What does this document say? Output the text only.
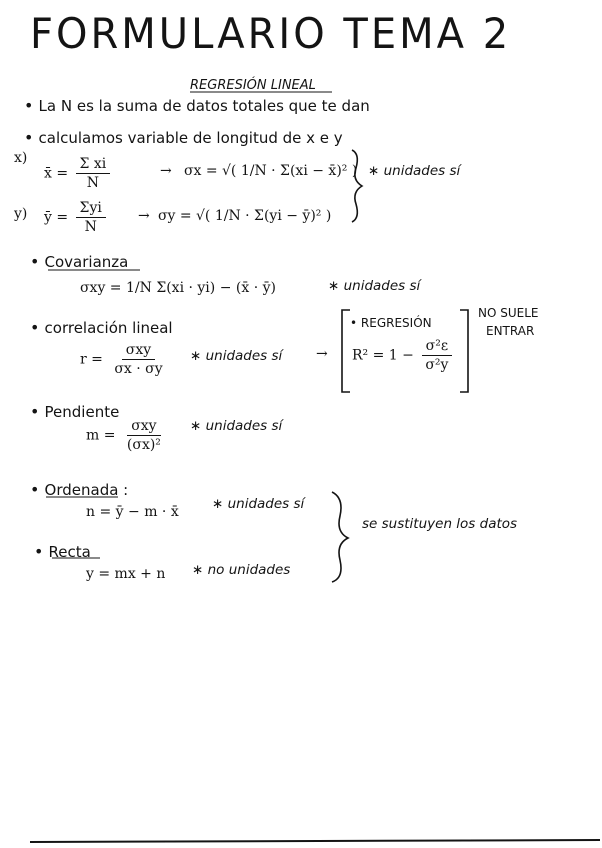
FORMULARIO TEMA 2
REGRESIÓN LINEAL
• La N es la suma de datos totales que te dan
• calculamos variable de longitud de x e y
x)
x̄ = $\frac{\text{Σ xi}}{N}$	→ σx = √( 1/N · Σ(xi − x̄)² )
y) ȳ = $\frac{\text{Σyi}}{N} \to \sigma y$ = √( 1/N · Σ(yi − ȳ)² )
∗ unidades sí
• Covarianza
σxy = 1/N Σ(xi · yi) − (x̄ · ȳ)	∗ unidades sí
• correlación lineal
$r = \frac{\text{σxy}}{\sigma x \cdot \sigma y}$ ∗ unidades sí →
• REGRESIÓN
$R^2 = 1 - \frac{\text{σ²ε}}{\text{σ²y}}$
NO SUELE
ENTRAR
• Pendiente
$m = \frac{\text{σxy}}{\text{(σx)²}}$ ∗ unidades sí
• Ordenada :
n = ȳ − m · x̄ ∗ unidades sí
• Recta
y = mx + n ∗ no unidades
se sustituyen los datos
